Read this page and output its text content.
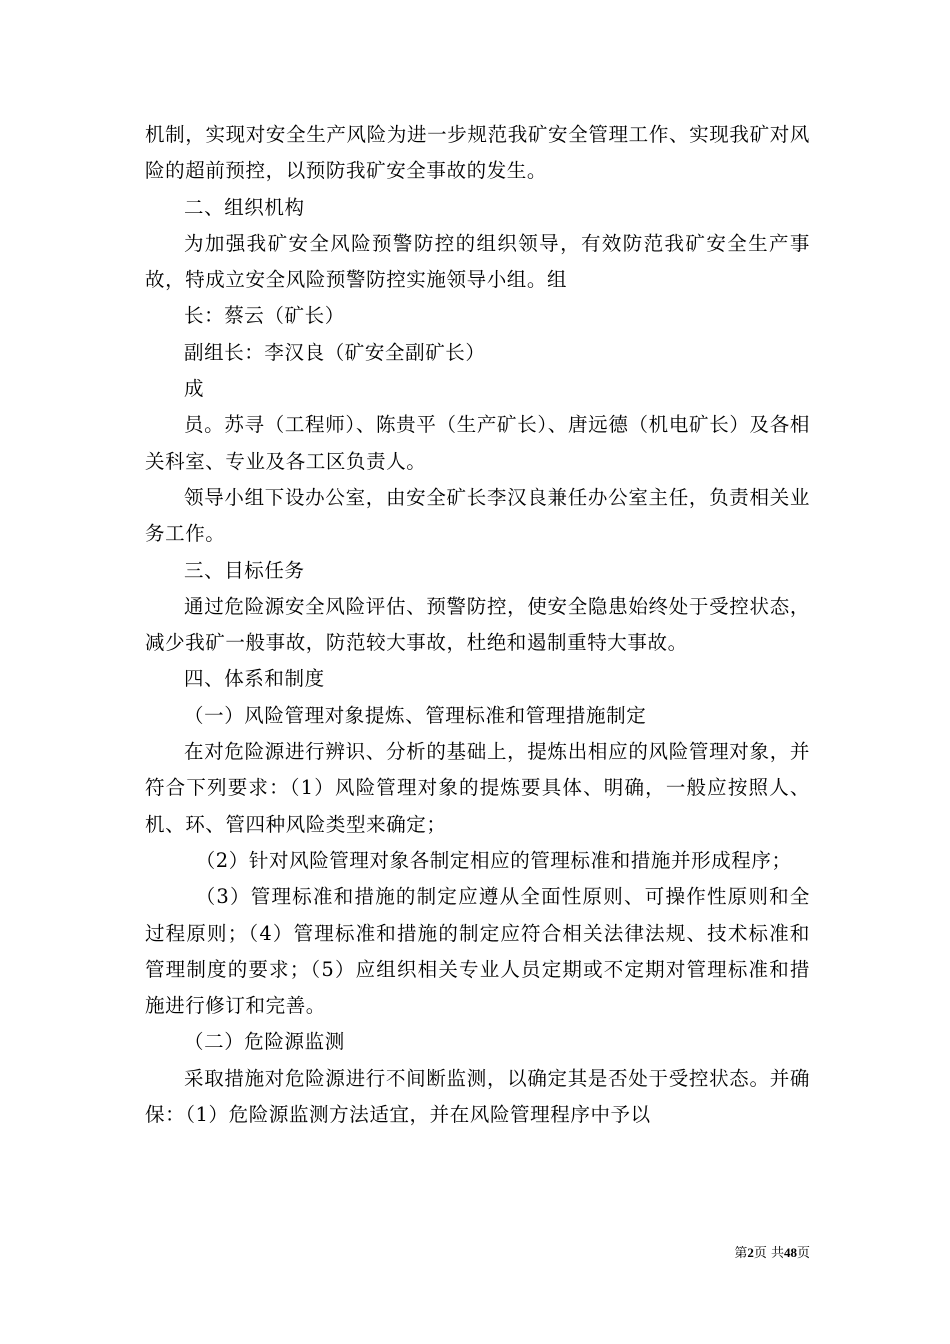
机制，实现对安全生产风险为进一步规范我矿安全管理工作、实现我矿对风险的超前预控，以预防我矿安全事故的发生。

二、组织机构

为加强我矿安全风险预警防控的组织领导，有效防范我矿安全生产事故，特成立安全风险预警防控实施领导小组。组

长：蔡云（矿长）

副组长：李汉良（矿安全副矿长）

成

员。苏寻（工程师）、陈贵平（生产矿长）、唐远德（机电矿长）及各相关科室、专业及各工区负责人。

领导小组下设办公室，由安全矿长李汉良兼任办公室主任，负责相关业务工作。

三、目标任务

通过危险源安全风险评估、预警防控，使安全隐患始终处于受控状态，减少我矿一般事故，防范较大事故，杜绝和遏制重特大事故。

四、体系和制度

（一）风险管理对象提炼、管理标准和管理措施制定

在对危险源进行辨识、分析的基础上，提炼出相应的风险管理对象，并符合下列要求：（1）风险管理对象的提炼要具体、明确，一般应按照人、机、环、管四种风险类型来确定；

（2）针对风险管理对象各制定相应的管理标准和措施并形成程序；

（3）管理标准和措施的制定应遵从全面性原则、可操作性原则和全过程原则；（4）管理标准和措施的制定应符合相关法律法规、技术标准和管理制度的要求；（5）应组织相关专业人员定期或不定期对管理标准和措施进行修订和完善。

（二）危险源监测

采取措施对危险源进行不间断监测，以确定其是否处于受控状态。并确保：（1）危险源监测方法适宜，并在风险管理程序中予以

第2页 共48页
